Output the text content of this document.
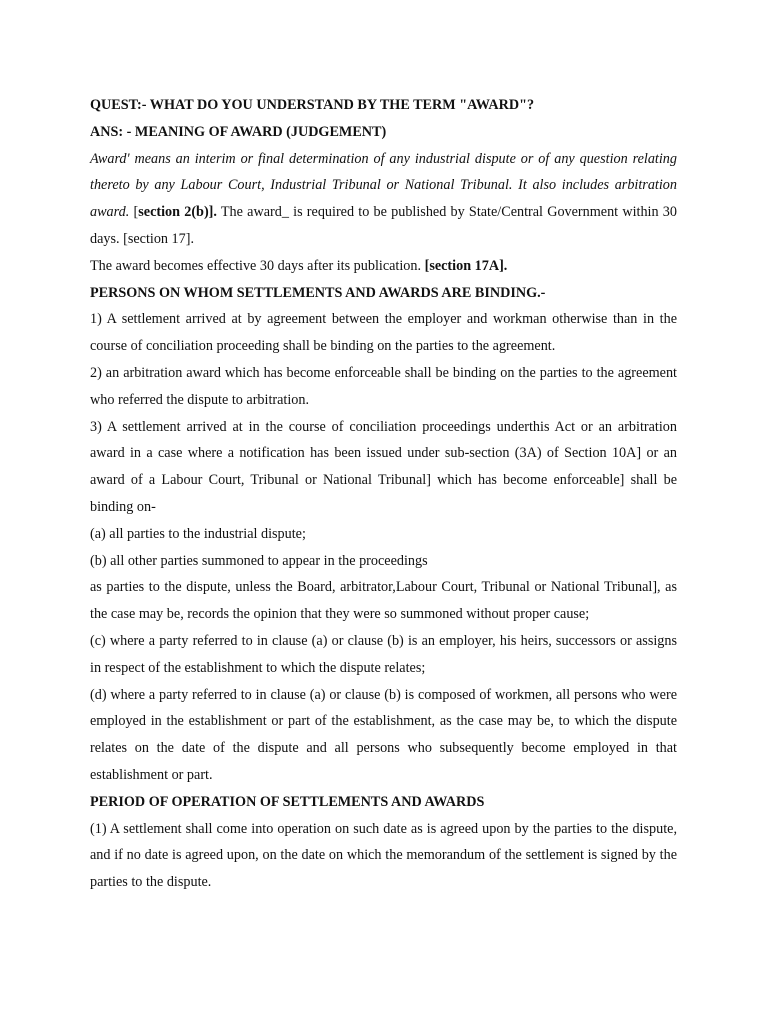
QUEST:- WHAT DO YOU UNDERSTAND BY THE TERM "AWARD"?

ANS: - MEANING OF AWARD (JUDGEMENT)

Award' means an interim or final determination of any industrial dispute or of any question relating thereto by any Labour Court, Industrial Tribunal or National Tribunal. It also includes arbitration award. [section 2(b)]. The award_ is required to be published by State/Central Government within 30 days. [section 17].

The award becomes effective 30 days after its publication. [section 17A].

PERSONS ON WHOM SETTLEMENTS AND AWARDS ARE BINDING.-

1) A settlement arrived at by agreement between the employer and workman otherwise than in the course of conciliation proceeding shall be binding on the parties to the agreement.

2) an arbitration award which has become enforceable shall be binding on the parties to the agreement who referred the dispute to arbitration.

3) A settlement arrived at in the course of conciliation proceedings underthis Act or an arbitration award in a case where a notification has been issued under sub-section (3A) of Section 10A] or an award of a Labour Court, Tribunal or National Tribunal] which has become enforceable] shall be binding on-

(a) all parties to the industrial dispute;

(b) all other parties summoned to appear in the proceedings

as parties to the dispute, unless the Board, arbitrator,Labour Court, Tribunal or National Tribunal], as the case may be, records the opinion that they were so summoned without proper cause;

(c) where a party referred to in clause (a) or clause (b) is an employer, his heirs, successors or assigns in respect of the establishment to which the dispute relates;

(d) where a party referred to in clause (a) or clause (b) is composed of workmen, all persons who were employed in the establishment or part of the establishment, as the case may be, to which the dispute relates on the date of the dispute and all persons who subsequently become employed in that establishment or part.

PERIOD OF OPERATION OF SETTLEMENTS AND AWARDS

(1) A settlement shall come into operation on such date as is agreed upon by the parties to the dispute, and if no date is agreed upon, on the date on which the memorandum of the settlement is signed by the parties to the dispute.
